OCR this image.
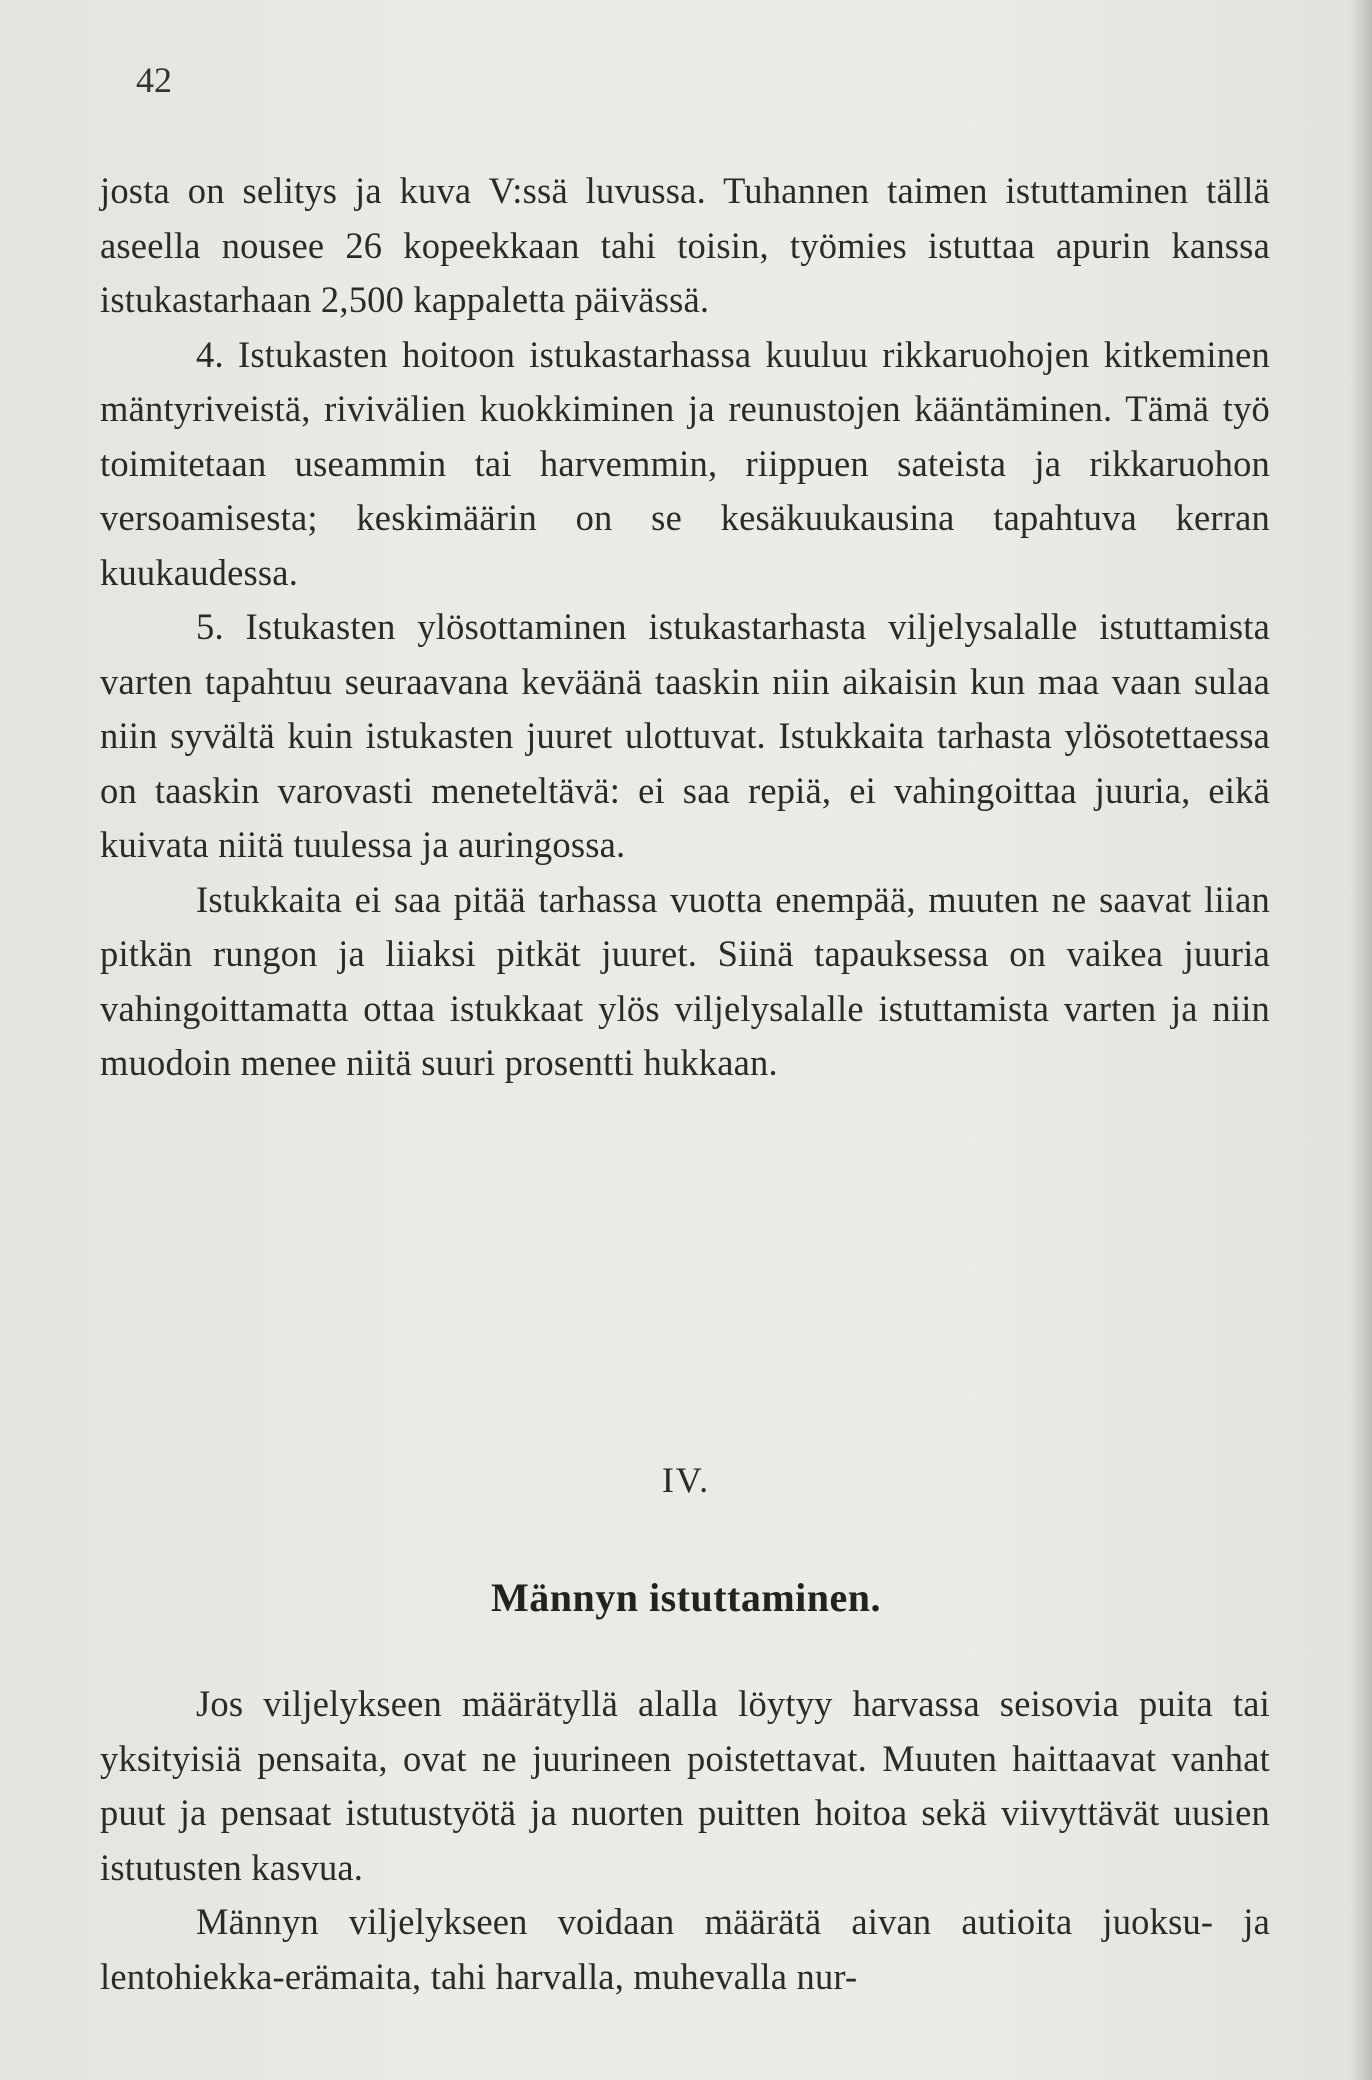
42

josta on selitys ja kuva V:ssä luvussa. Tuhannen taimen istuttaminen tällä aseella nousee 26 kopeekkaan tahi toisin, työmies istuttaa apurin kanssa istukastarhaan 2,500 kappaletta päivässä.

4. Istukasten hoitoon istukastarhassa kuuluu rikkaruohojen kitkeminen mäntyriveistä, rivivälien kuokkiminen ja reunustojen kääntäminen. Tämä työ toimitetaan useammin tai harvemmin, riippuen sateista ja rikkaruohon versoamisesta; keskimäärin on se kesäkuukausina tapahtuva kerran kuukaudessa.

5. Istukasten ylösottaminen istukastarhasta viljelysalalle istuttamista varten tapahtuu seuraavana keväänä taaskin niin aikaisin kun maa vaan sulaa niin syvältä kuin istukasten juuret ulottuvat. Istukkaita tarhasta ylösotettaessa on taaskin varovasti meneteltävä: ei saa repiä, ei vahingoittaa juuria, eikä kuivata niitä tuulessa ja auringossa.

Istukkaita ei saa pitää tarhassa vuotta enempää, muuten ne saavat liian pitkän rungon ja liiaksi pitkät juuret. Siinä tapauksessa on vaikea juuria vahingoittamatta ottaa istukkaat ylös viljelysalalle istuttamista varten ja niin muodoin menee niitä suuri prosentti hukkaan.

IV.
Männyn istuttaminen.

Jos viljelykseen määrätyllä alalla löytyy harvassa seisovia puita tai yksityisiä pensaita, ovat ne juurineen poistettavat. Muuten haittaavat vanhat puut ja pensaat istutustyötä ja nuorten puitten hoitoa sekä viivyttävät uusien istutusten kasvua.

Männyn viljelykseen voidaan määrätä aivan autioita juoksu- ja lentohiekka-erämaita, tahi harvalla, muhevalla nur-
